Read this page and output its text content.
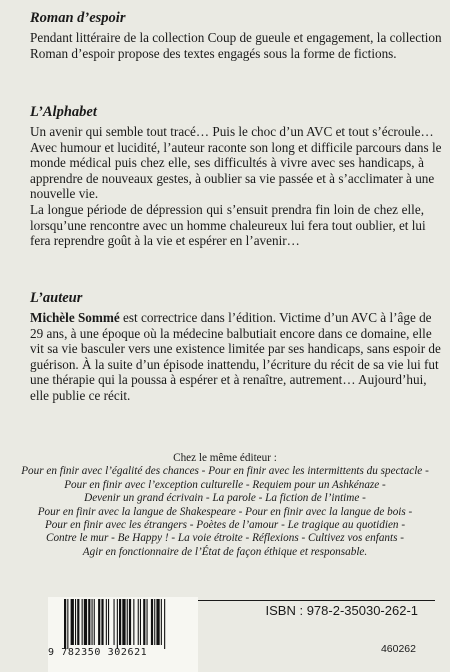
Roman d’espoir
Pendant littéraire de la collection Coup de gueule et engagement, la collection
Roman d’espoir propose des textes engagés sous la forme de fictions.
L’Alphabet
Un avenir qui semble tout tracé… Puis le choc d’un AVC et tout s’écroule…
Avec humour et lucidité, l’auteur raconte son long et difficile parcours dans le
monde médical puis chez elle, ses difficultés à vivre avec ses handicaps, à
apprendre de nouveaux gestes, à oublier sa vie passée et à s’acclimater à une
nouvelle vie.
La longue période de dépression qui s’ensuit prendra fin loin de chez elle,
lorsqu’une rencontre avec un homme chaleureux lui fera tout oublier, et lui
fera reprendre goût à la vie et espérer en l’avenir…
L’auteur
Michèle Sommé est correctrice dans l’édition. Victime d’un AVC à l’âge de
29 ans, à une époque où la médecine balbutiait encore dans ce domaine, elle
vit sa vie basculer vers une existence limitée par ses handicaps, sans espoir de
guérison. À la suite d’un épisode inattendu, l’écriture du récit de sa vie lui fut
une thérapie qui la poussa à espérer et à renaître, autrement… Aujourd’hui,
elle publie ce récit.
Chez le même éditeur :
Pour en finir avec l’égalité des chances - Pour en finir avec les intermittents du spectacle -
Pour en finir avec l’exception culturelle - Requiem pour un Ashkénaze -
Devenir un grand écrivain - La parole - La fiction de l’intime -
Pour en finir avec la langue de Shakespeare - Pour en finir avec la langue de bois -
Pour en finir avec les étrangers - Poètes de l’amour - Le tragique au quotidien -
Contre le mur - Be Happy ! - La voie étroite - Réflexions - Cultivez vos enfants -
Agir en fonctionnaire de l’État de façon éthique et responsable.
ISBN : 978-2-35030-262-1
460262
9 782350 302621
